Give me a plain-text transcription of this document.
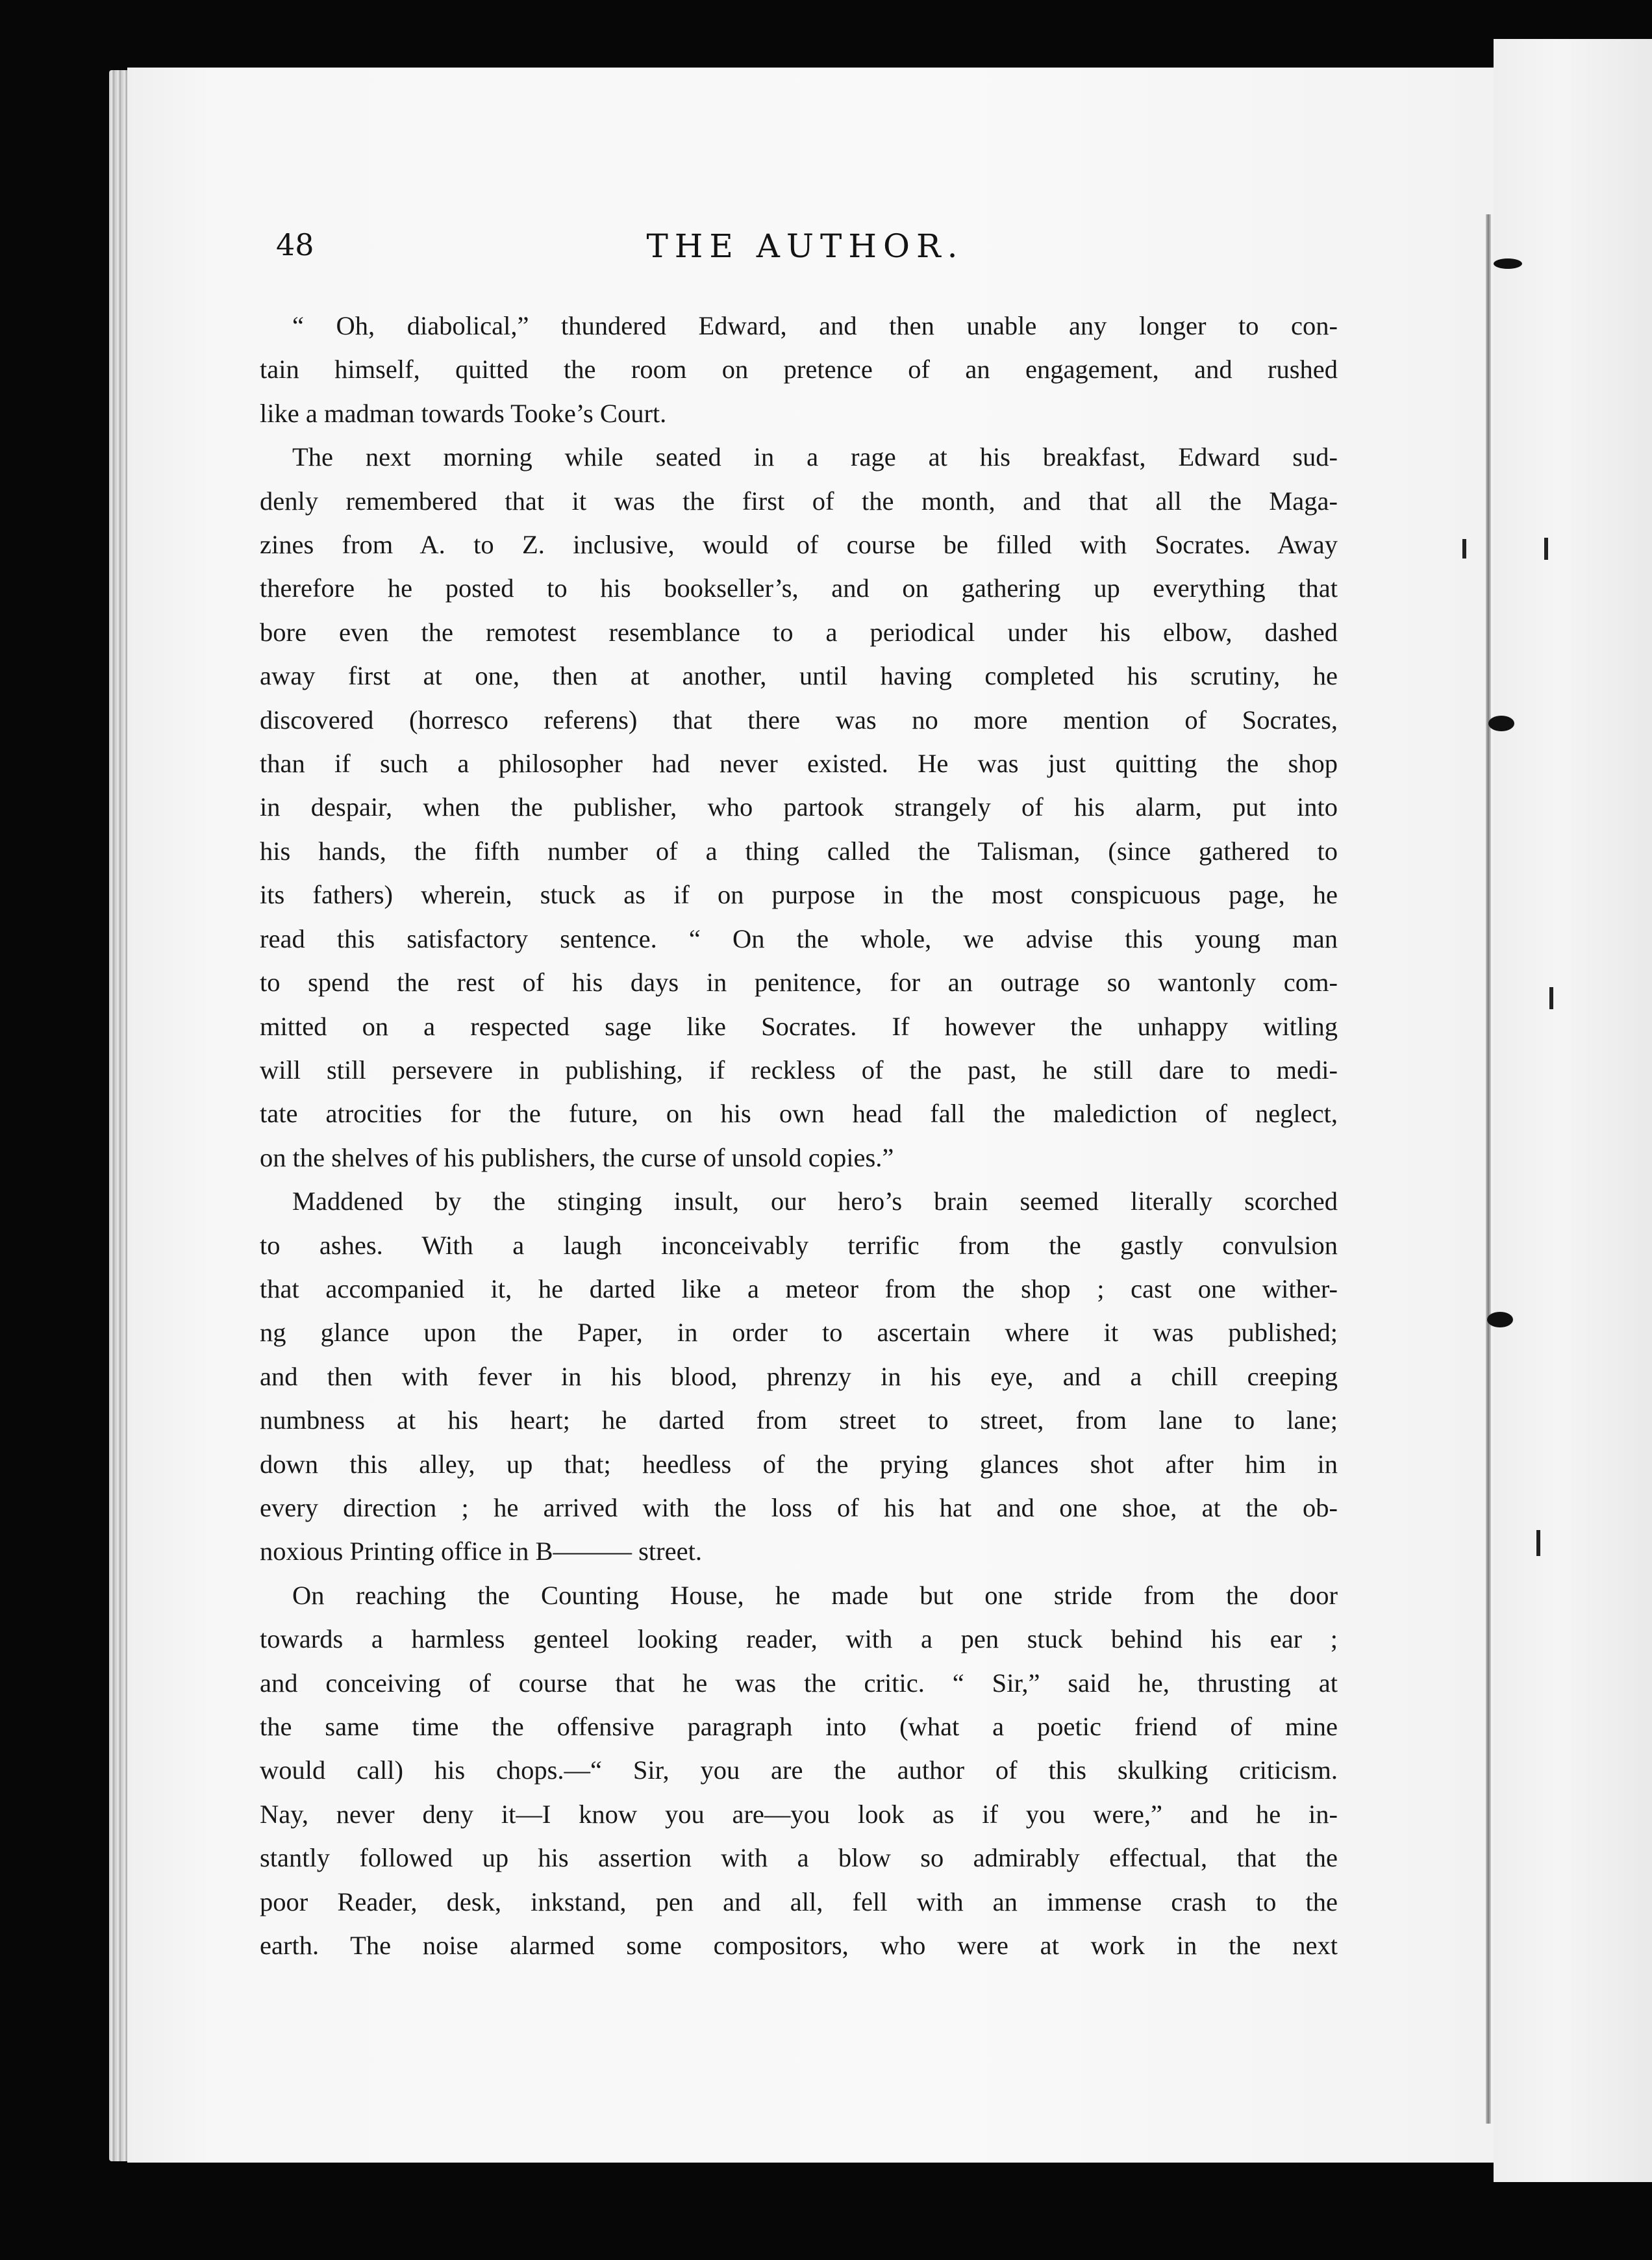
48	THE AUTHOR.

“ Oh, diabolical,” thundered Edward, and then unable any longer to con-
tain himself, quitted the room on pretence of an engagement, and rushed
like a madman towards Tooke’s Court.

The next morning while seated in a rage at his breakfast, Edward sud-
denly remembered that it was the first of the month, and that all the Maga-
zines from A. to Z. inclusive, would of course be filled with Socrates. Away
therefore he posted to his bookseller’s, and on gathering up everything that
bore even the remotest resemblance to a periodical under his elbow, dashed
away first at one, then at another, until having completed his scrutiny, he
discovered (horresco referens) that there was no more mention of Socrates,
than if such a philosopher had never existed. He was just quitting the shop
in despair, when the publisher, who partook strangely of his alarm, put into
his hands, the fifth number of a thing called the Talisman, (since gathered to
its fathers) wherein, stuck as if on purpose in the most conspicuous page, he
read this satisfactory sentence. “ On the whole, we advise this young man
to spend the rest of his days in penitence, for an outrage so wantonly com-
mitted on a respected sage like Socrates. If however the unhappy witling
will still persevere in publishing, if reckless of the past, he still dare to medi-
tate atrocities for the future, on his own head fall the malediction of neglect,
on the shelves of his publishers, the curse of unsold copies.”

Maddened by the stinging insult, our hero’s brain seemed literally scorched
to ashes. With a laugh inconceivably terrific from the gastly convulsion
that accompanied it, he darted like a meteor from the shop ; cast one wither-
ng glance upon the Paper, in order to ascertain where it was published;
and then with fever in his blood, phrenzy in his eye, and a chill creeping
numbness at his heart; he darted from street to street, from lane to lane;
down this alley, up that; heedless of the prying glances shot after him in
every direction ; he arrived with the loss of his hat and one shoe, at the ob-
noxious Printing office in B——— street.

On reaching the Counting House, he made but one stride from the door
towards a harmless genteel looking reader, with a pen stuck behind his ear ;
and conceiving of course that he was the critic. “ Sir,” said he, thrusting at
the same time the offensive paragraph into (what a poetic friend of mine
would call) his chops.—“ Sir, you are the author of this skulking criticism.
Nay, never deny it—I know you are—you look as if you were,” and he in-
stantly followed up his assertion with a blow so admirably effectual, that the
poor Reader, desk, inkstand, pen and all, fell with an immense crash to the
earth. The noise alarmed some compositors, who were at work in the next
